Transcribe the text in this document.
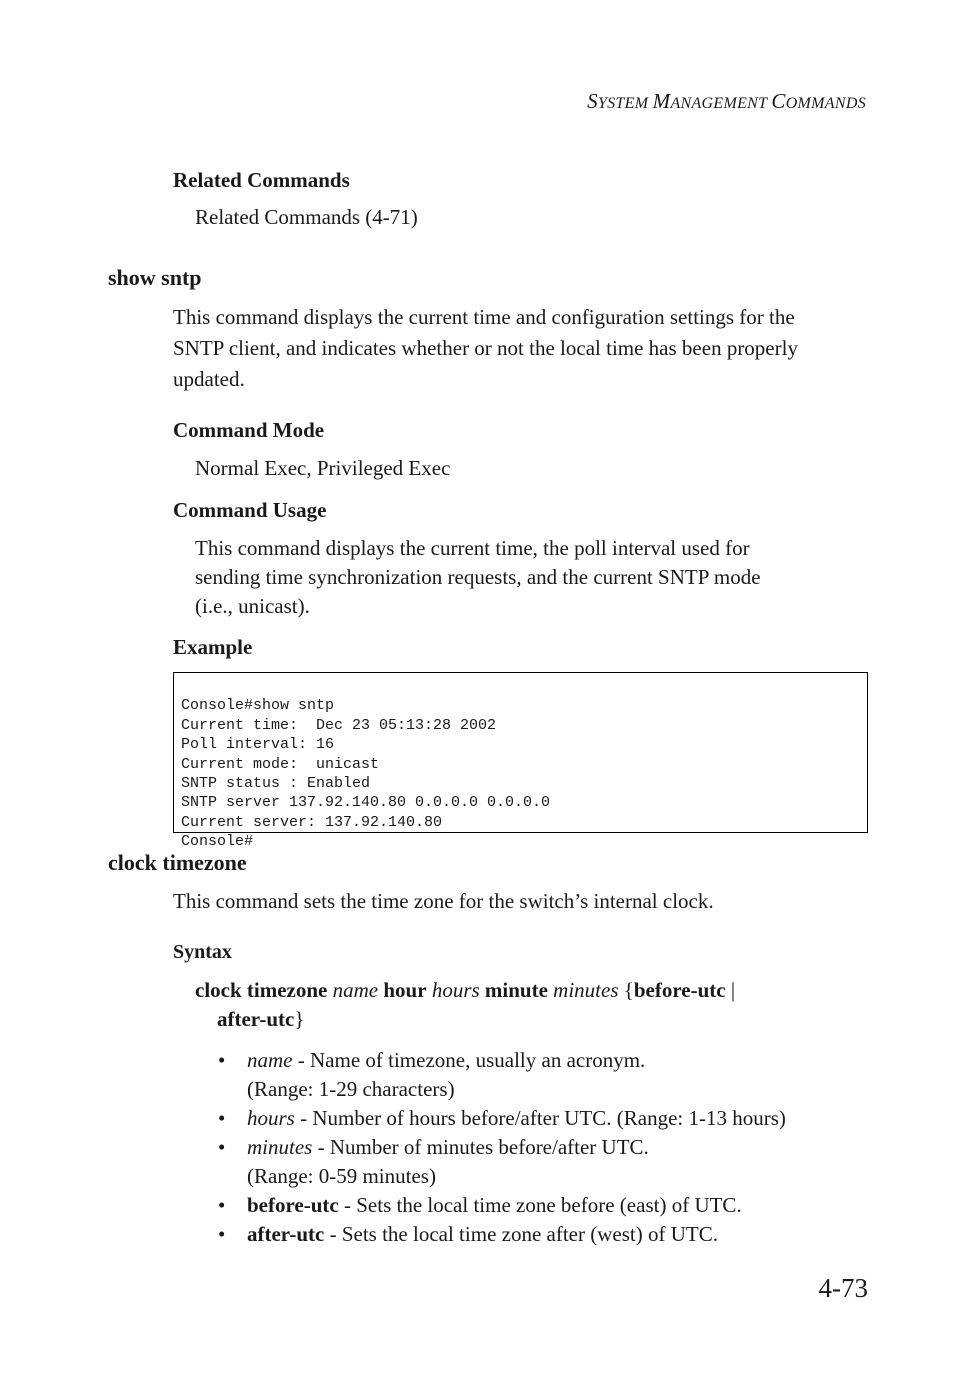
SYSTEM MANAGEMENT COMMANDS
Related Commands
Related Commands (4-71)
show sntp
This command displays the current time and configuration settings for the
SNTP client, and indicates whether or not the local time has been properly
updated.
Command Mode
Normal Exec, Privileged Exec
Command Usage
This command displays the current time, the poll interval used for
sending time synchronization requests, and the current SNTP mode
(i.e., unicast).
Example

Console#show sntp
Current time:  Dec 23 05:13:28 2002
Poll interval: 16
Current mode:  unicast
SNTP status : Enabled
SNTP server 137.92.140.80 0.0.0.0 0.0.0.0
Current server: 137.92.140.80
Console#

clock timezone
This command sets the time zone for the switch’s internal clock.
Syntax
clock timezone name hour hours minute minutes {before-utc |
after-utc}
• name - Name of timezone, usually an acronym.
(Range: 1-29 characters)
• hours - Number of hours before/after UTC. (Range: 1-13 hours)
• minutes - Number of minutes before/after UTC.
(Range: 0-59 minutes)
• before-utc - Sets the local time zone before (east) of UTC.
• after-utc - Sets the local time zone after (west) of UTC.
4-73
